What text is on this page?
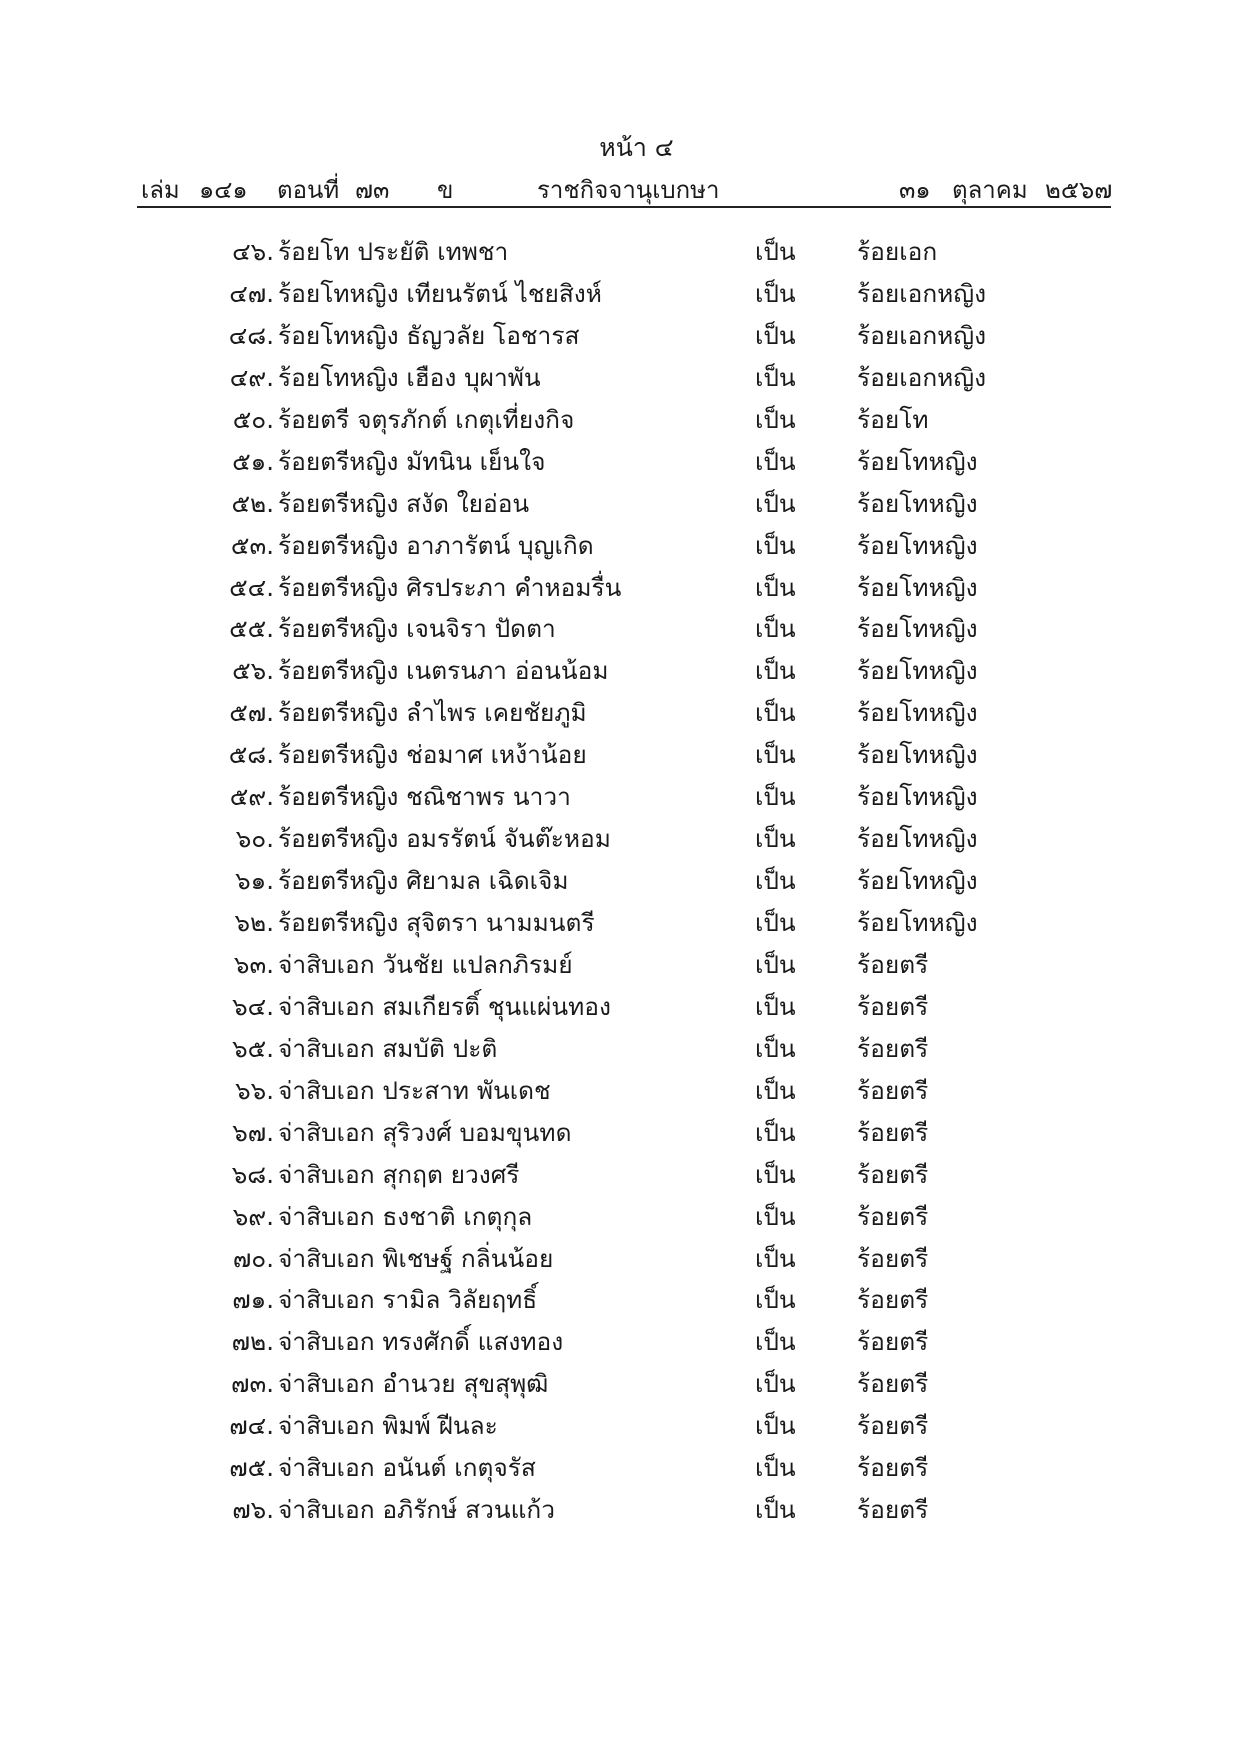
หน้า ๔
เล่ม ๑๔๑ ตอนที่ ๗๓ ข	ราชกิจจานุเบกษา	๓๑ ตุลาคม ๒๕๖๗
๔๖. ร้อยโท ประยัติ เทพชา	เป็น	ร้อยเอก
๔๗. ร้อยโทหญิง เทียนรัตน์ ไชยสิงห์	เป็น	ร้อยเอกหญิง
๔๘. ร้อยโทหญิง ธัญวลัย โอชารส	เป็น	ร้อยเอกหญิง
๔๙. ร้อยโทหญิง เฮือง บุผาพัน	เป็น	ร้อยเอกหญิง
๕๐. ร้อยตรี จตุรภักต์ เกตุเที่ยงกิจ	เป็น	ร้อยโท
๕๑. ร้อยตรีหญิง มัทนิน เย็นใจ	เป็น	ร้อยโทหญิง
๕๒. ร้อยตรีหญิง สงัด ใยอ่อน	เป็น	ร้อยโทหญิง
๕๓. ร้อยตรีหญิง อาภารัตน์ บุญเกิด	เป็น	ร้อยโทหญิง
๕๔. ร้อยตรีหญิง ศิรประภา คำหอมรื่น	เป็น	ร้อยโทหญิง
๕๕. ร้อยตรีหญิง เจนจิรา ปัดตา	เป็น	ร้อยโทหญิง
๕๖. ร้อยตรีหญิง เนตรนภา อ่อนน้อม	เป็น	ร้อยโทหญิง
๕๗. ร้อยตรีหญิง ลำไพร เคยชัยภูมิ	เป็น	ร้อยโทหญิง
๕๘. ร้อยตรีหญิง ช่อมาศ เหง้าน้อย	เป็น	ร้อยโทหญิง
๕๙. ร้อยตรีหญิง ชณิชาพร นาวา	เป็น	ร้อยโทหญิง
๖๐. ร้อยตรีหญิง อมรรัตน์ จันต๊ะหอม	เป็น	ร้อยโทหญิง
๖๑. ร้อยตรีหญิง ศิยามล เฉิดเจิม	เป็น	ร้อยโทหญิง
๖๒. ร้อยตรีหญิง สุจิตรา นามมนตรี	เป็น	ร้อยโทหญิง
๖๓. จ่าสิบเอก วันชัย แปลกภิรมย์	เป็น	ร้อยตรี
๖๔. จ่าสิบเอก สมเกียรติ์ ชุนแผ่นทอง	เป็น	ร้อยตรี
๖๕. จ่าสิบเอก สมบัติ ปะติ	เป็น	ร้อยตรี
๖๖. จ่าสิบเอก ประสาท พันเดช	เป็น	ร้อยตรี
๖๗. จ่าสิบเอก สุริวงศ์ บอมขุนทด	เป็น	ร้อยตรี
๖๘. จ่าสิบเอก สุกฤต ยวงศรี	เป็น	ร้อยตรี
๖๙. จ่าสิบเอก ธงชาติ เกตุกุล	เป็น	ร้อยตรี
๗๐. จ่าสิบเอก พิเชษฐ์ กลิ่นน้อย	เป็น	ร้อยตรี
๗๑. จ่าสิบเอก รามิล วิลัยฤทธิ์	เป็น	ร้อยตรี
๗๒. จ่าสิบเอก ทรงศักดิ์ แสงทอง	เป็น	ร้อยตรี
๗๓. จ่าสิบเอก อำนวย สุขสุพุฒิ	เป็น	ร้อยตรี
๗๔. จ่าสิบเอก พิมพ์ ฝีนละ	เป็น	ร้อยตรี
๗๕. จ่าสิบเอก อนันต์ เกตุจรัส	เป็น	ร้อยตรี
๗๖. จ่าสิบเอก อภิรักษ์ สวนแก้ว	เป็น	ร้อยตรี
